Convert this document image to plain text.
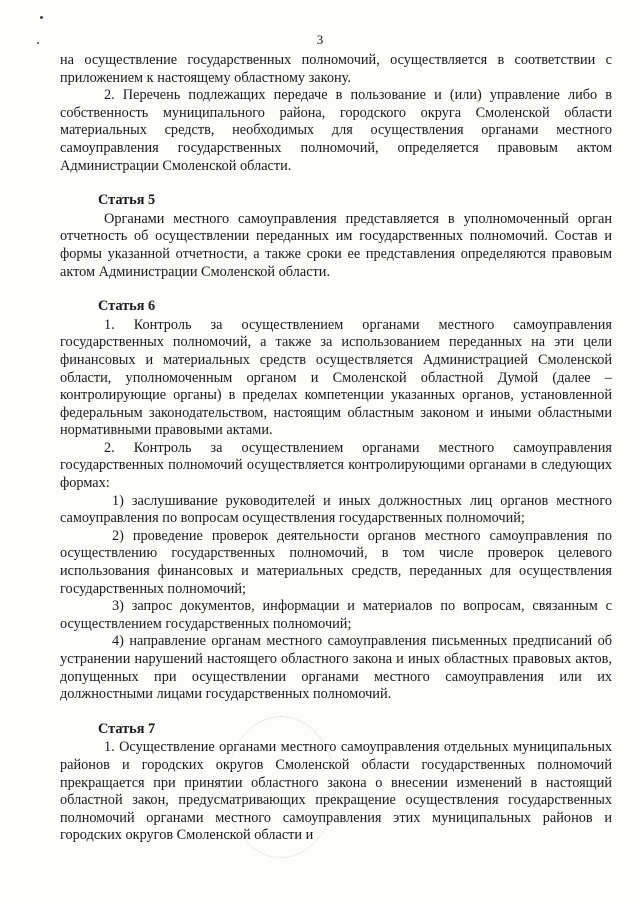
3

на осуществление государственных полномочий, осуществляется в соответствии с приложением к настоящему областному закону.

2. Перечень подлежащих передаче в пользование и (или) управление либо в собственность муниципального района, городского округа Смоленской области материальных средств, необходимых для осуществления органами местного самоуправления государственных полномочий, определяется правовым актом Администрации Смоленской области.

Статья 5

Органами местного самоуправления представляется в уполномоченный орган отчетность об осуществлении переданных им государственных полномочий. Состав и формы указанной отчетности, а также сроки ее представления определяются правовым актом Администрации Смоленской области.

Статья 6

1. Контроль за осуществлением органами местного самоуправления государственных полномочий, а также за использованием переданных на эти цели финансовых и материальных средств осуществляется Администрацией Смоленской области, уполномоченным органом и Смоленской областной Думой (далее – контролирующие органы) в пределах компетенции указанных органов, установленной федеральным законодательством, настоящим областным законом и иными областными нормативными правовыми актами.

2. Контроль за осуществлением органами местного самоуправления государственных полномочий осуществляется контролирующими органами в следующих формах:

1) заслушивание руководителей и иных должностных лиц органов местного самоуправления по вопросам осуществления государственных полномочий;

2) проведение проверок деятельности органов местного самоуправления по осуществлению государственных полномочий, в том числе проверок целевого использования финансовых и материальных средств, переданных для осуществления государственных полномочий;

3) запрос документов, информации и материалов по вопросам, связанным с осуществлением государственных полномочий;

4) направление органам местного самоуправления письменных предписаний об устранении нарушений настоящего областного закона и иных областных правовых актов, допущенных при осуществлении органами местного самоуправления или их должностными лицами государственных полномочий.

Статья 7

1. Осуществление органами местного самоуправления отдельных муниципальных районов и городских округов Смоленской области государственных полномочий прекращается при принятии областного закона о внесении изменений в настоящий областной закон, предусматривающих прекращение осуществления государственных полномочий органами местного самоуправления этих муниципальных районов и городских округов Смоленской области и
